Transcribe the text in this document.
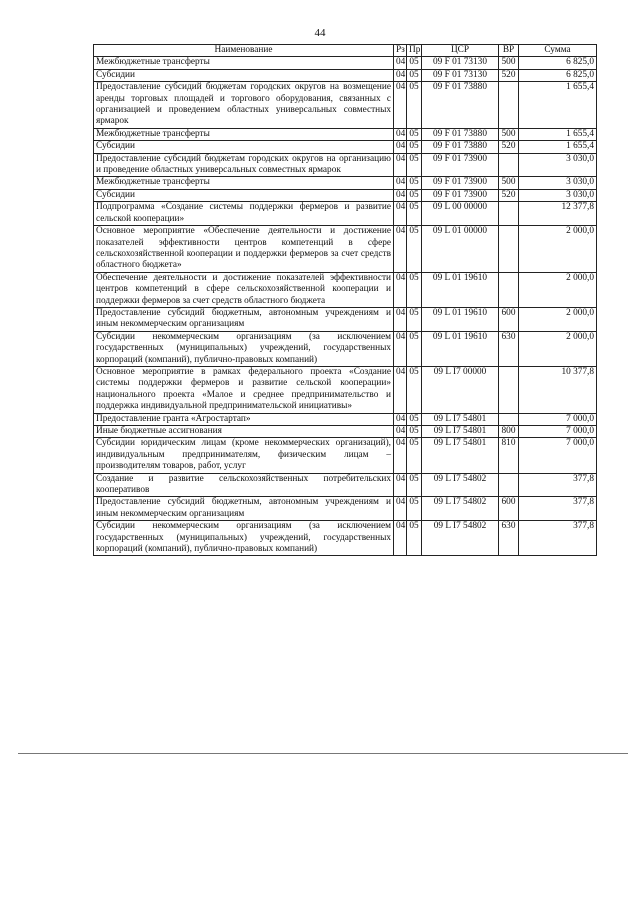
44
Наименование	Рз	Пр	ЦСР	ВР	Сумма
Межбюджетные трансферты	04	05	09 F 01 73130	500	6 825,0
Субсидии	04	05	09 F 01 73130	520	6 825,0
Предоставление субсидий бюджетам городских округов на возмещение аренды торговых площадей и торгового оборудования, связанных с организацией и проведением областных универсальных совместных ярмарок	04	05	09 F 01 73880		1 655,4
Межбюджетные трансферты	04	05	09 F 01 73880	500	1 655,4
Субсидии	04	05	09 F 01 73880	520	1 655,4
Предоставление субсидий бюджетам городских округов на организацию и проведение областных универсальных совместных ярмарок	04	05	09 F 01 73900		3 030,0
Межбюджетные трансферты	04	05	09 F 01 73900	500	3 030,0
Субсидии	04	05	09 F 01 73900	520	3 030,0
Подпрограмма «Создание системы поддержки фермеров и развитие сельской кооперации»	04	05	09 L 00 00000		12 377,8
Основное мероприятие «Обеспечение деятельности и достижение показателей эффективности центров компетенций в сфере сельскохозяйственной кооперации и поддержки фермеров за счет средств областного бюджета»	04	05	09 L 01 00000		2 000,0
Обеспечение деятельности и достижение показателей эффективности центров компетенций в сфере сельскохозяйственной кооперации и поддержки фермеров за счет средств областного бюджета	04	05	09 L 01 19610		2 000,0
Предоставление субсидий бюджетным, автономным учреждениям и иным некоммерческим организациям	04	05	09 L 01 19610	600	2 000,0
Субсидии некоммерческим организациям (за исключением государственных (муниципальных) учреждений, государственных корпораций (компаний), публично-правовых компаний)	04	05	09 L 01 19610	630	2 000,0
Основное мероприятие в рамках федерального проекта «Создание системы поддержки фермеров и развитие сельской кооперации» национального проекта «Малое и среднее предпринимательство и поддержка индивидуальной предпринимательской инициативы»	04	05	09 L I7 00000		10 377,8
Предоставление гранта «Агростартап»	04	05	09 L I7 54801		7 000,0
Иные бюджетные ассигнования	04	05	09 L I7 54801	800	7 000,0
Субсидии юридическим лицам (кроме некоммерческих организаций), индивидуальным предпринимателям, физическим лицам – производителям товаров, работ, услуг	04	05	09 L I7 54801	810	7 000,0
Создание и развитие сельскохозяйственных потребительских кооперативов	04	05	09 L I7 54802		377,8
Предоставление субсидий бюджетным, автономным учреждениям и иным некоммерческим организациям	04	05	09 L I7 54802	600	377,8
Субсидии некоммерческим организациям (за исключением государственных (муниципальных) учреждений, государственных корпораций (компаний), публично-правовых компаний)	04	05	09 L I7 54802	630	377,8
